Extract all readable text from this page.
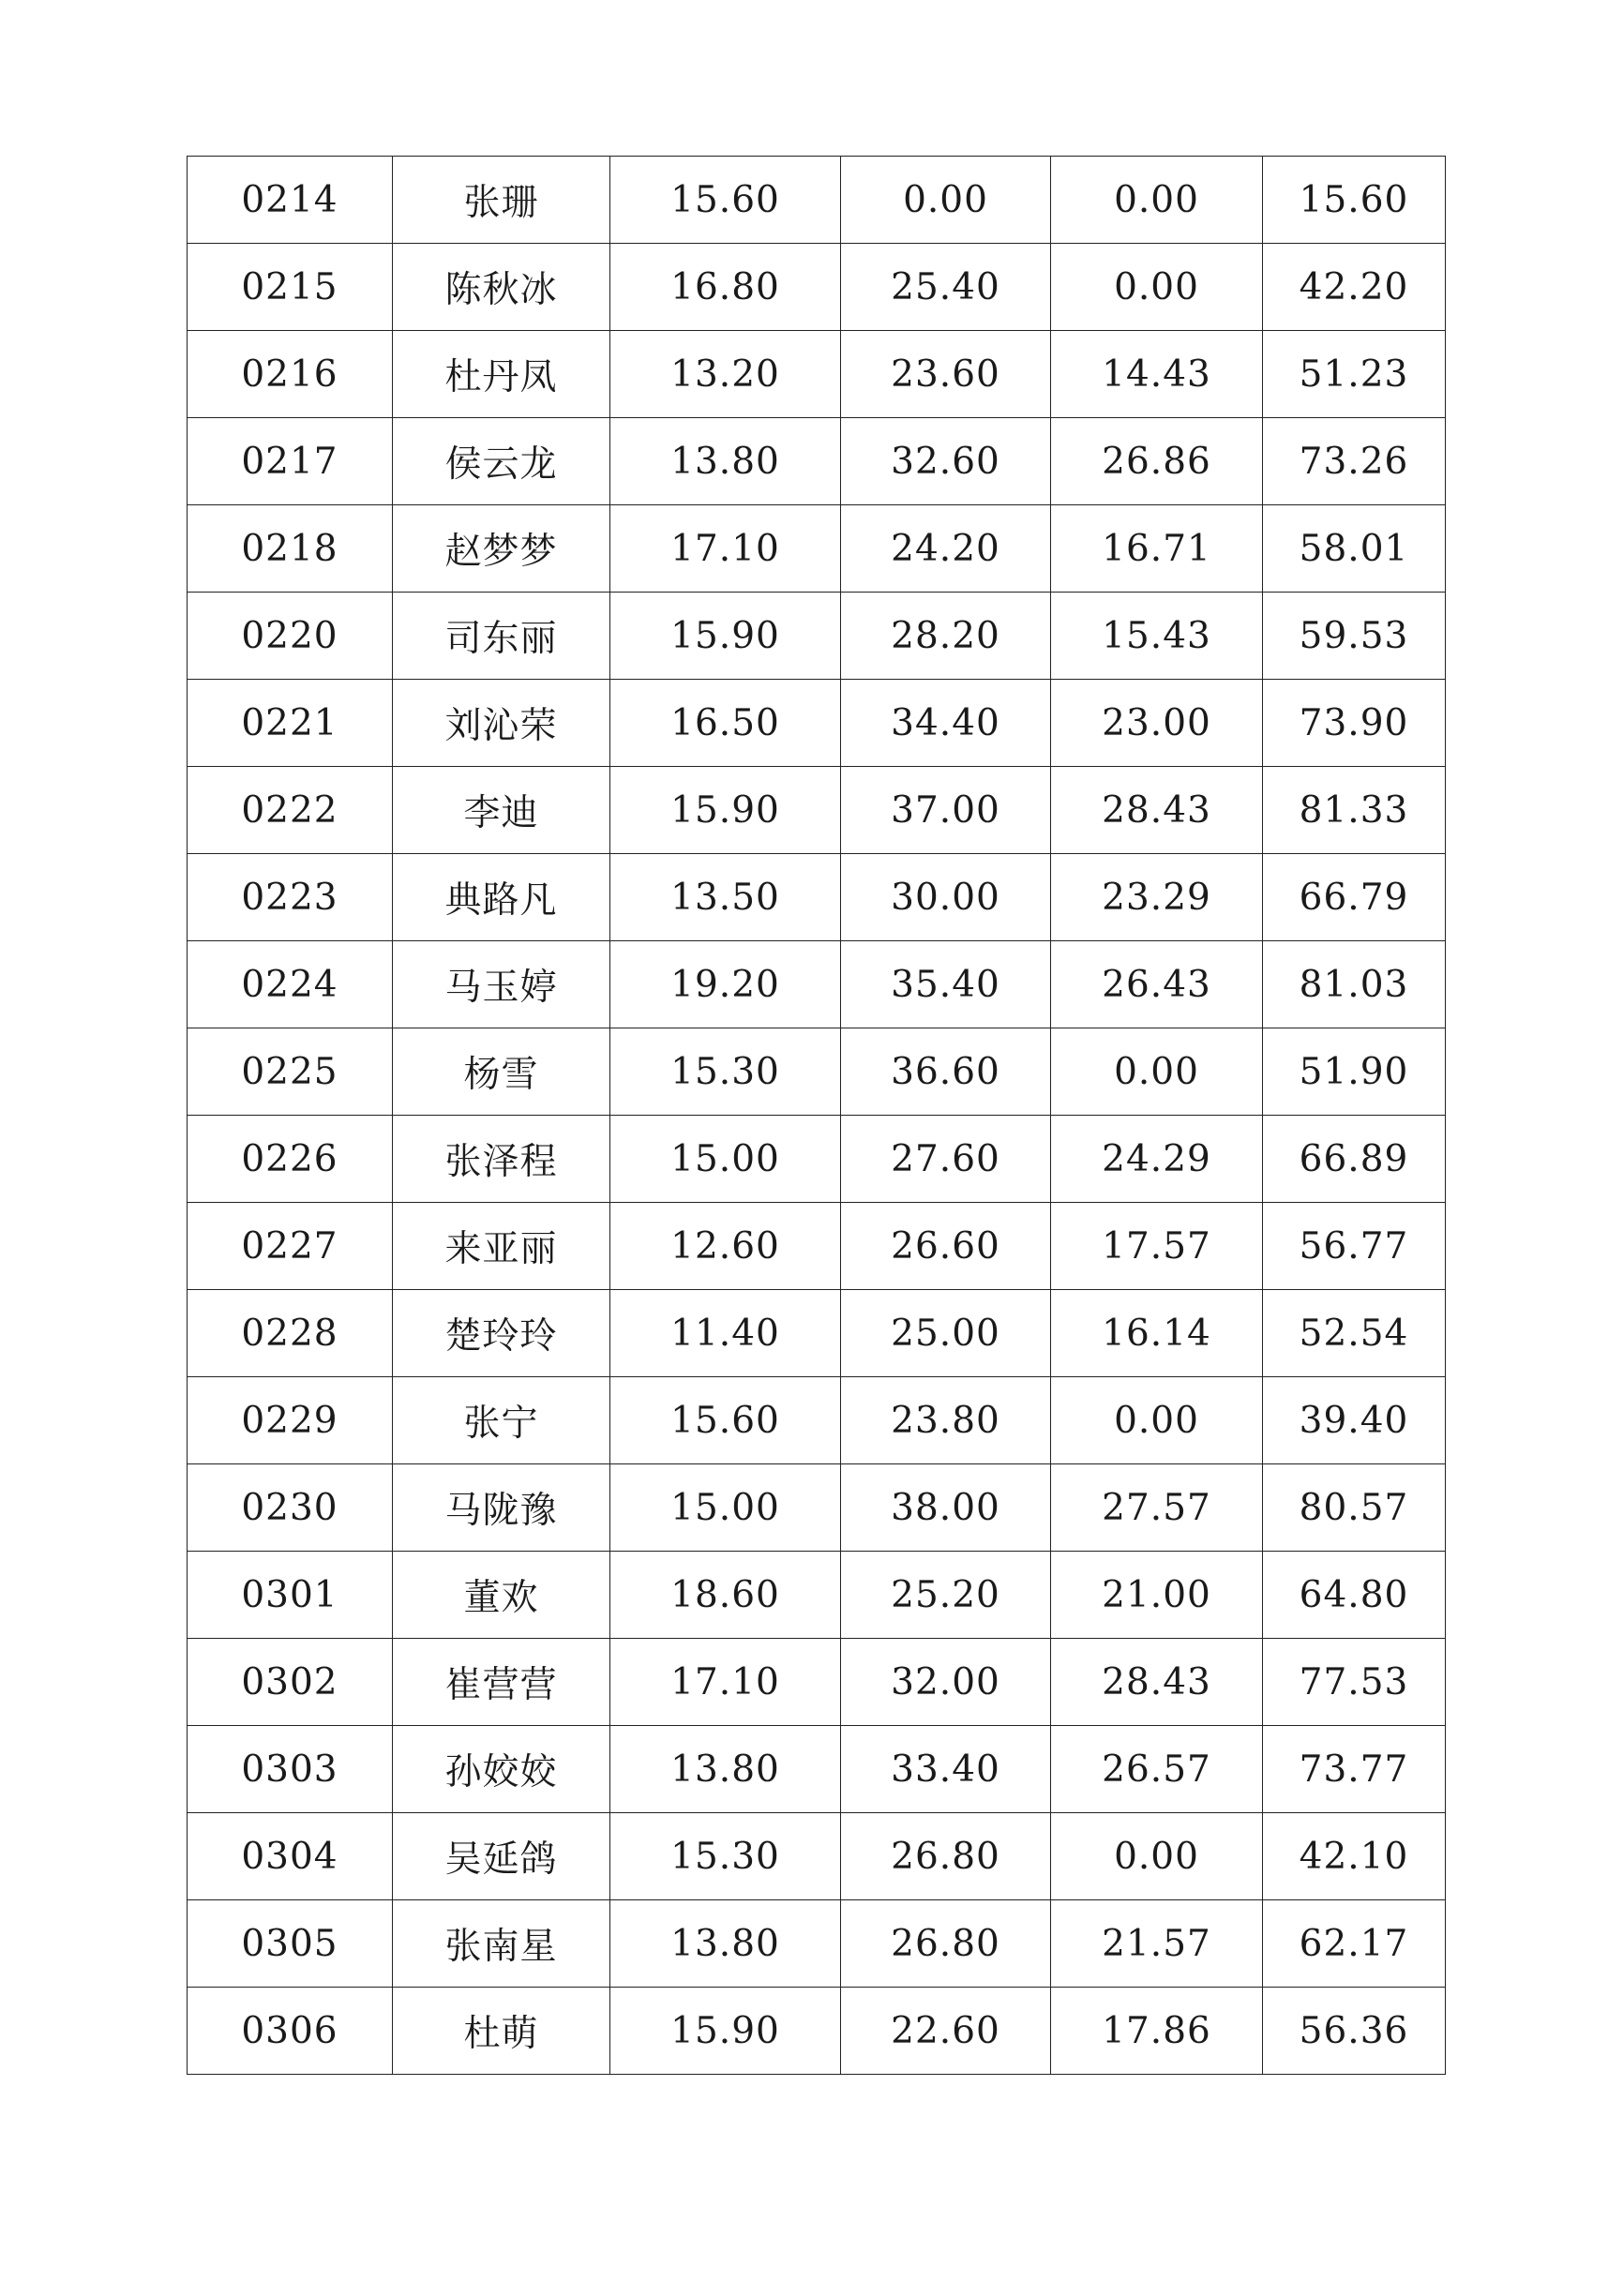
0214	张珊	15.60	0.00	0.00	15.60
0215	陈秋冰	16.80	25.40	0.00	42.20
0216	杜丹凤	13.20	23.60	14.43	51.23
0217	侯云龙	13.80	32.60	26.86	73.26
0218	赵梦梦	17.10	24.20	16.71	58.01
0220	司东丽	15.90	28.20	15.43	59.53
0221	刘沁荣	16.50	34.40	23.00	73.90
0222	李迪	15.90	37.00	28.43	81.33
0223	典路凡	13.50	30.00	23.29	66.79
0224	马玉婷	19.20	35.40	26.43	81.03
0225	杨雪	15.30	36.60	0.00	51.90
0226	张泽程	15.00	27.60	24.29	66.89
0227	来亚丽	12.60	26.60	17.57	56.77
0228	楚玲玲	11.40	25.00	16.14	52.54
0229	张宁	15.60	23.80	0.00	39.40
0230	马陇豫	15.00	38.00	27.57	80.57
0301	董欢	18.60	25.20	21.00	64.80
0302	崔营营	17.10	32.00	28.43	77.53
0303	孙姣姣	13.80	33.40	26.57	73.77
0304	吴延鸽	15.30	26.80	0.00	42.10
0305	张南星	13.80	26.80	21.57	62.17
0306	杜萌	15.90	22.60	17.86	56.36
